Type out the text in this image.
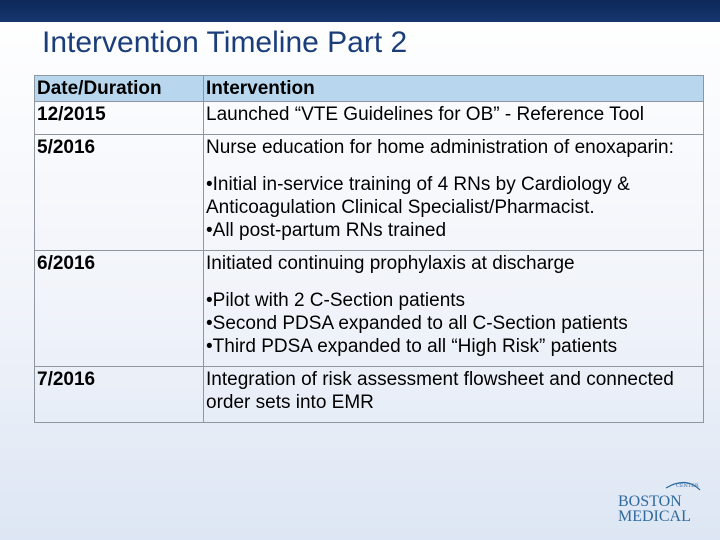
Intervention Timeline Part 2
Date/Duration	Intervention
12/2015	Launched “VTE Guidelines for OB” - Reference Tool
5/2016	Nurse education for home administration of enoxaparin:
•Initial in-service training of 4 RNs by Cardiology & Anticoagulation Clinical Specialist/Pharmacist.
•All post-partum RNs trained

6/2016	Initiated continuing prophylaxis at discharge
•Pilot with 2 C-Section patients
•Second PDSA expanded to all C-Section patients
•Third PDSA expanded to all “High Risk” patients

7/2016	Integration of risk assessment flowsheet and connected order sets into EMR
CENTER
BOSTON
MEDICAL
